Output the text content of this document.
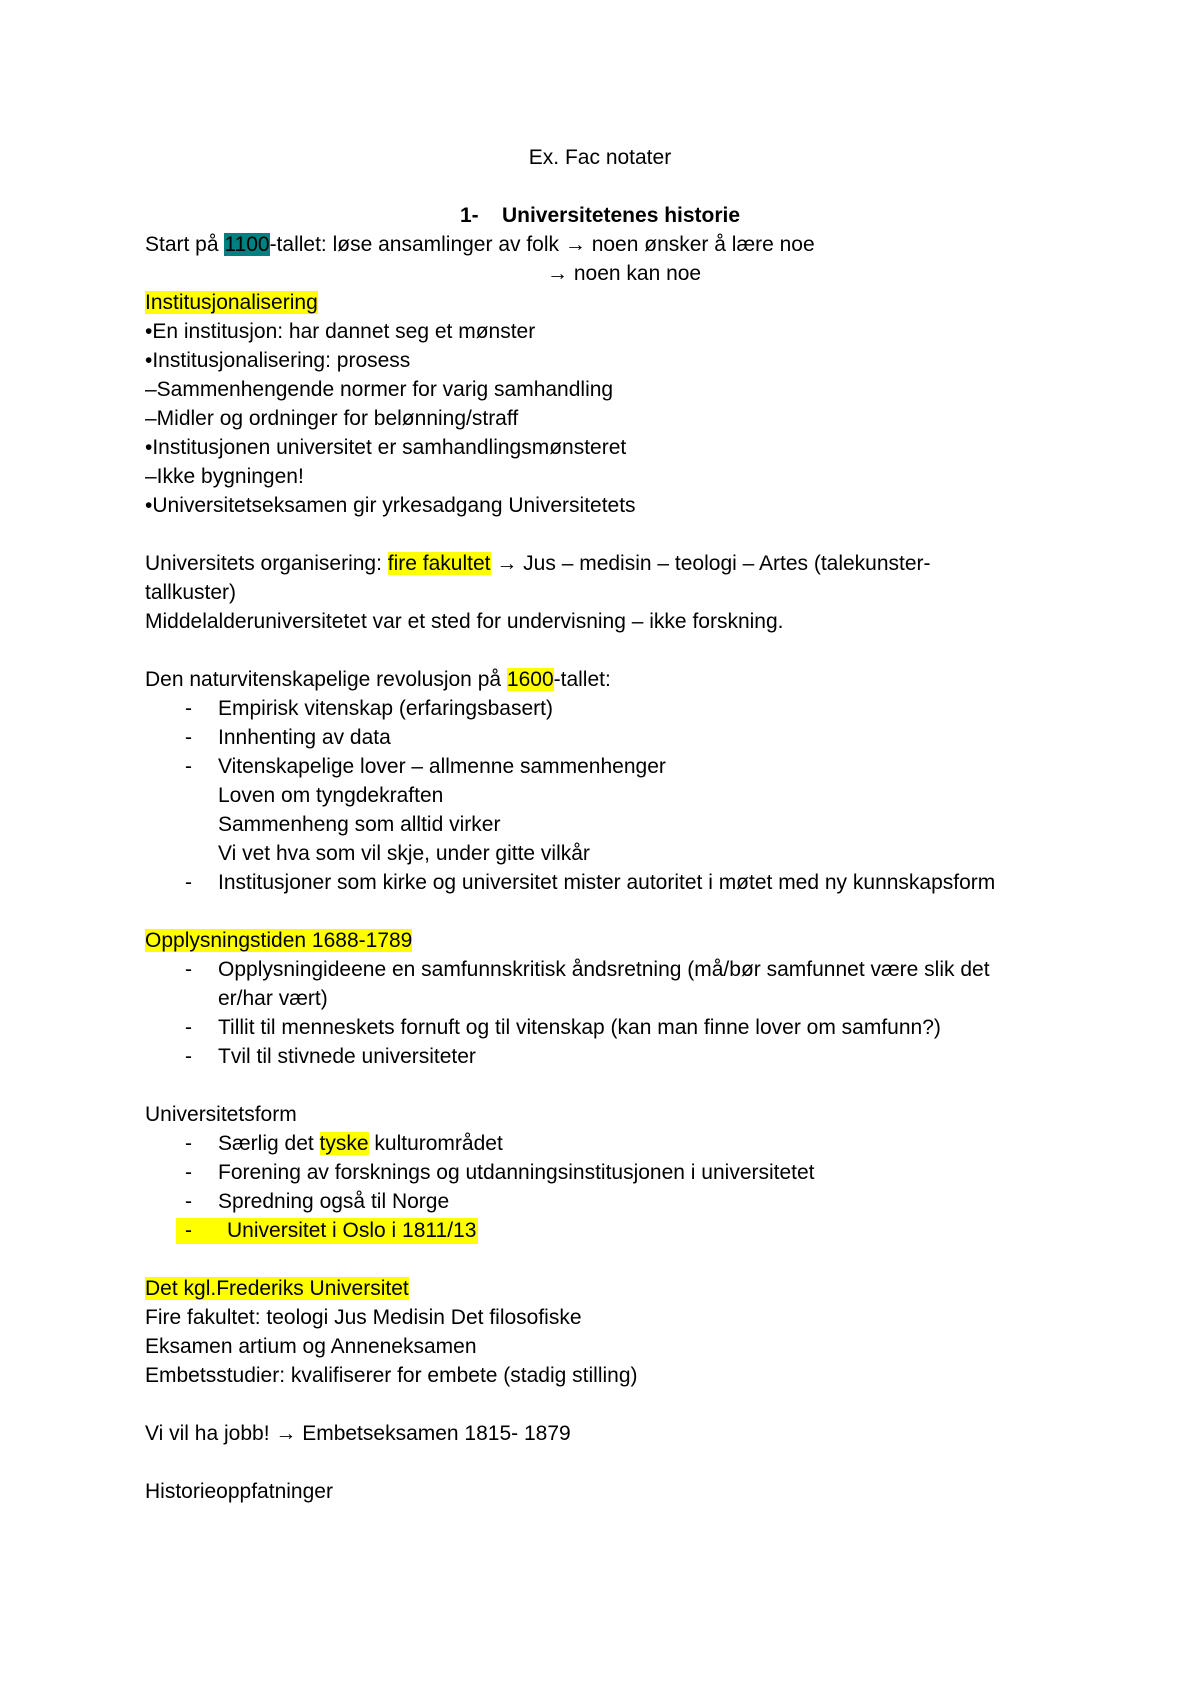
Ex. Fac notater
1- Universitetenes historie
Start på 1100-tallet: løse ansamlinger av folk → noen ønsker å lære noe
→ noen kan noe
Institusjonalisering
•En institusjon: har dannet seg et mønster
•Institusjonalisering: prosess
–Sammenhengende normer for varig samhandling
–Midler og ordninger for belønning/straff
•Institusjonen universitet er samhandlingsmønsteret
–Ikke bygningen!
•Universitetseksamen gir yrkesadgang Universitetets
Universitets organisering: fire fakultet → Jus – medisin – teologi – Artes (talekunster-
tallkuster)
Middelalderuniversitetet var et sted for undervisning – ikke forskning.
Den naturvitenskapelige revolusjon på 1600-tallet:
- Empirisk vitenskap (erfaringsbasert)
- Innhenting av data
- Vitenskapelige lover – allmenne sammenhenger
Loven om tyngdekraften
Sammenheng som alltid virker
Vi vet hva som vil skje, under gitte vilkår
- Institusjoner som kirke og universitet mister autoritet i møtet med ny kunnskapsform
Opplysningstiden 1688-1789
- Opplysningideene en samfunnskritisk åndsretning (må/bør samfunnet være slik det
er/har vært)
- Tillit til menneskets fornuft og til vitenskap (kan man finne lover om samfunn?)
- Tvil til stivnede universiteter
Universitetsform
- Særlig det tyske kulturområdet
- Forening av forsknings og utdanningsinstitusjonen i universitetet
- Spredning også til Norge
- Universitet i Oslo i 1811/13
Det kgl.Frederiks Universitet
Fire fakultet: teologi Jus Medisin Det filosofiske
Eksamen artium og Anneneksamen
Embetsstudier: kvalifiserer for embete (stadig stilling)
Vi vil ha jobb! → Embetseksamen 1815- 1879
Historieoppfatninger
